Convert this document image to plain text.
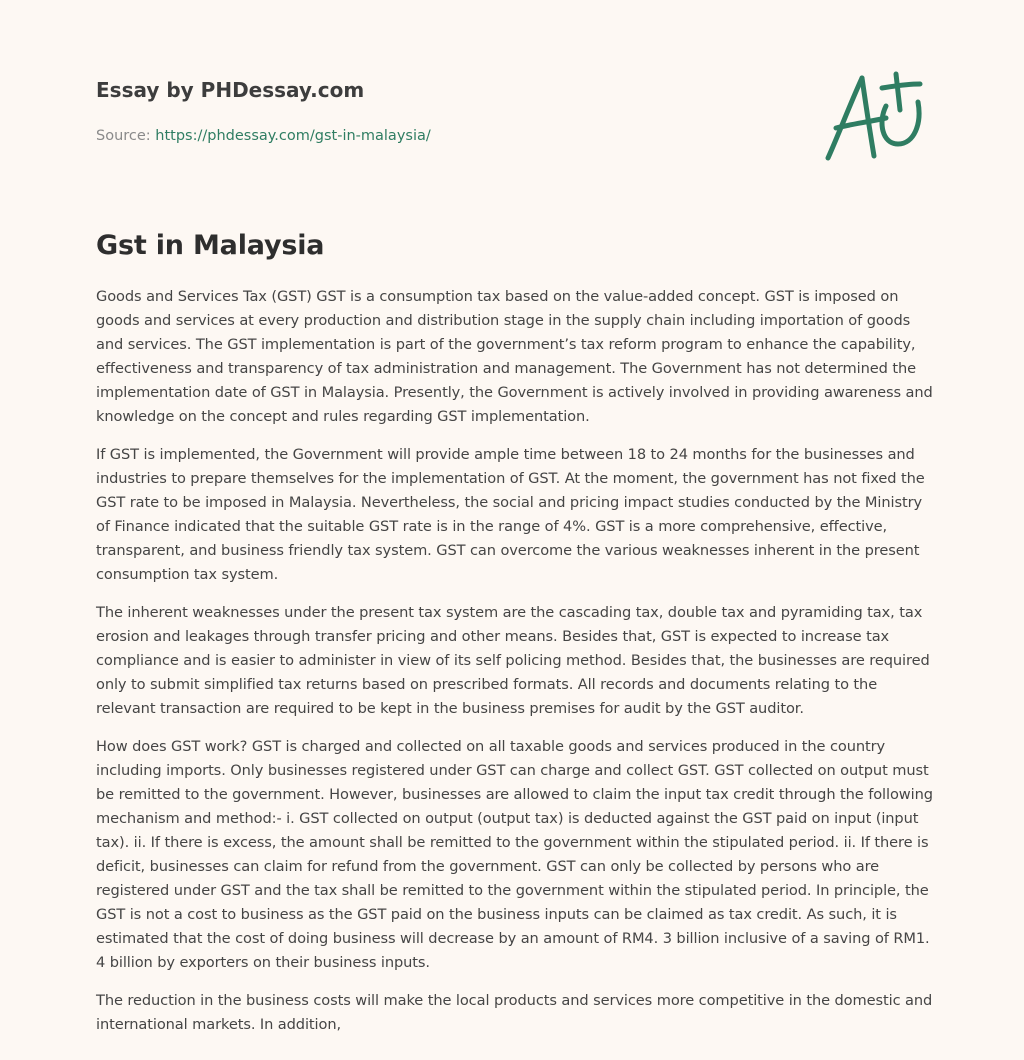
Essay by PHDessay.com
Source: https://phdessay.com/gst-in-malaysia/
Gst in Malaysia

Goods and Services Tax (GST) GST is a consumption tax based on the value-added concept. GST is imposed on goods and services at every production and distribution stage in the supply chain including importation of goods and services. The GST implementation is part of the government’s tax reform program to enhance the capability, effectiveness and transparency of tax administration and management. The Government has not determined the implementation date of GST in Malaysia. Presently, the Government is actively involved in providing awareness and knowledge on the concept and rules regarding GST implementation.

If GST is implemented, the Government will provide ample time between 18 to 24 months for the businesses and industries to prepare themselves for the implementation of GST. At the moment, the government has not fixed the GST rate to be imposed in Malaysia. Nevertheless, the social and pricing impact studies conducted by the Ministry of Finance indicated that the suitable GST rate is in the range of 4%. GST is a more comprehensive, effective, transparent, and business friendly tax system. GST can overcome the various weaknesses inherent in the present consumption tax system.

The inherent weaknesses under the present tax system are the cascading tax, double tax and pyramiding tax, tax erosion and leakages through transfer pricing and other means. Besides that, GST is expected to increase tax compliance and is easier to administer in view of its self policing method. Besides that, the businesses are required only to submit simplified tax returns based on prescribed formats. All records and documents relating to the relevant transaction are required to be kept in the business premises for audit by the GST auditor.

How does GST work? GST is charged and collected on all taxable goods and services produced in the country including imports. Only businesses registered under GST can charge and collect GST. GST collected on output must be remitted to the government. However, businesses are allowed to claim the input tax credit through the following mechanism and method:- i. GST collected on output (output tax) is deducted against the GST paid on input (input tax). ii. If there is excess, the amount shall be remitted to the government within the stipulated period. ii. If there is deficit, businesses can claim for refund from the government. GST can only be collected by persons who are registered under GST and the tax shall be remitted to the government within the stipulated period. In principle, the GST is not a cost to business as the GST paid on the business inputs can be claimed as tax credit. As such, it is estimated that the cost of doing business will decrease by an amount of RM4. 3 billion inclusive of a saving of RM1. 4 billion by exporters on their business inputs.

The reduction in the business costs will make the local products and services more competitive in the domestic and international markets. In addition,
